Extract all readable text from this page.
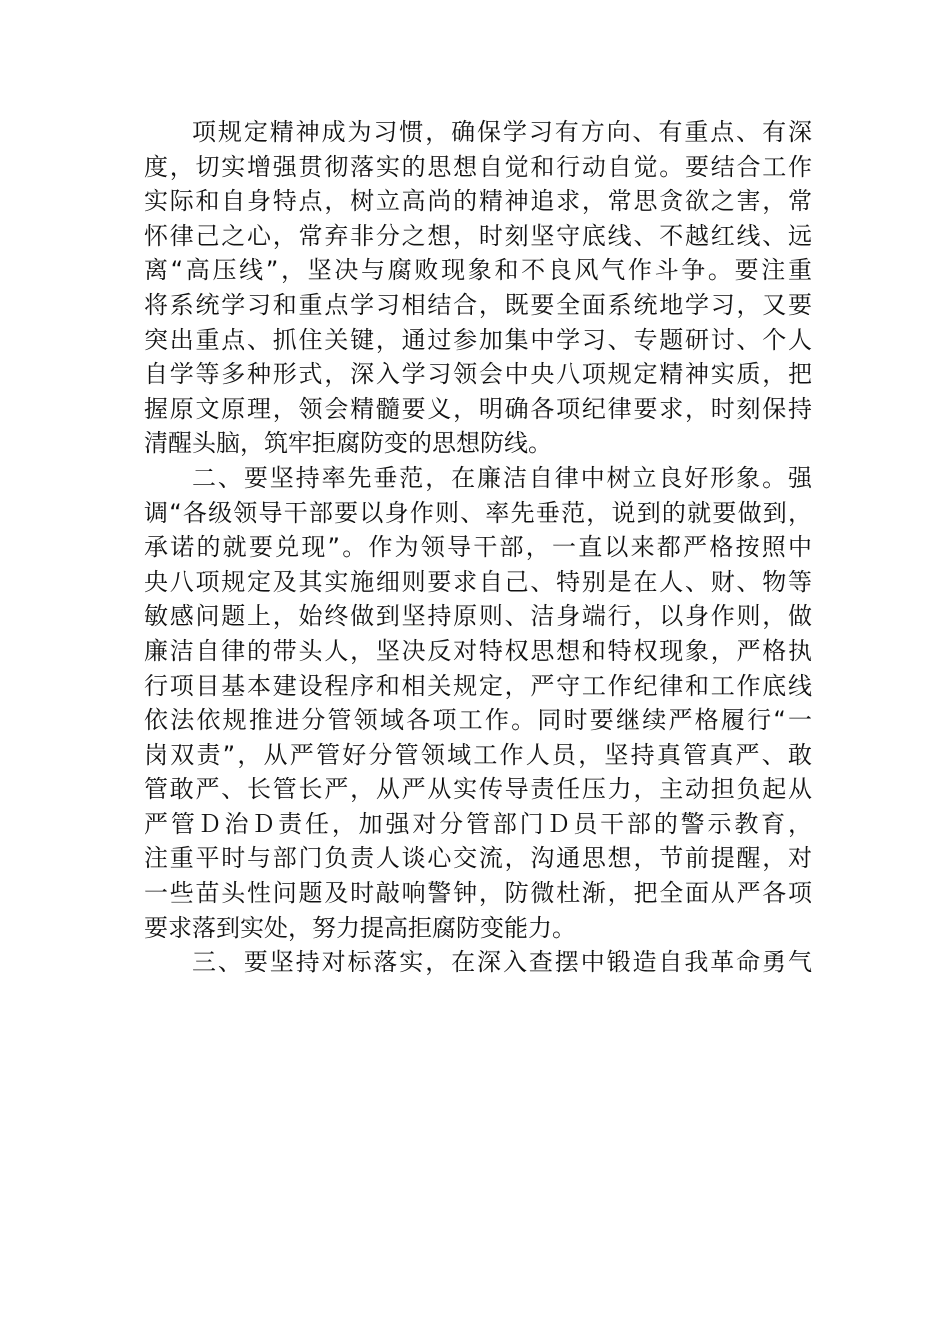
项规定精神成为习惯，确保学习有方向、有重点、有深
度，切实增强贯彻落实的思想自觉和行动自觉。要结合工作
实际和自身特点，树立高尚的精神追求，常思贪欲之害，常
怀律己之心，常弃非分之想，时刻坚守底线、不越红线、远
离“高压线”，坚决与腐败现象和不良风气作斗争。要注重
将系统学习和重点学习相结合，既要全面系统地学习，又要
突出重点、抓住关键，通过参加集中学习、专题研讨、个人
自学等多种形式，深入学习领会中央八项规定精神实质，把
握原文原理，领会精髓要义，明确各项纪律要求，时刻保持
清醒头脑，筑牢拒腐防变的思想防线。
二、要坚持率先垂范，在廉洁自律中树立良好形象。强
调“各级领导干部要以身作则、率先垂范，说到的就要做到，
承诺的就要兑现”。作为领导干部，一直以来都严格按照中
央八项规定及其实施细则要求自己、特别是在人、财、物等
敏感问题上，始终做到坚持原则、洁身端行，以身作则，做
廉洁自律的带头人，坚决反对特权思想和特权现象，严格执
行项目基本建设程序和相关规定，严守工作纪律和工作底线
依法依规推进分管领域各项工作。同时要继续严格履行“一
岗双责”，从严管好分管领域工作人员，坚持真管真严、敢
管敢严、长管长严，从严从实传导责任压力，主动担负起从
严管Ｄ治Ｄ责任，加强对分管部门Ｄ员干部的警示教育，
注重平时与部门负责人谈心交流，沟通思想，节前提醒，对
一些苗头性问题及时敲响警钟，防微杜渐，把全面从严各项
要求落到实处，努力提高拒腐防变能力。
三、要坚持对标落实，在深入查摆中锻造自我革命勇气
